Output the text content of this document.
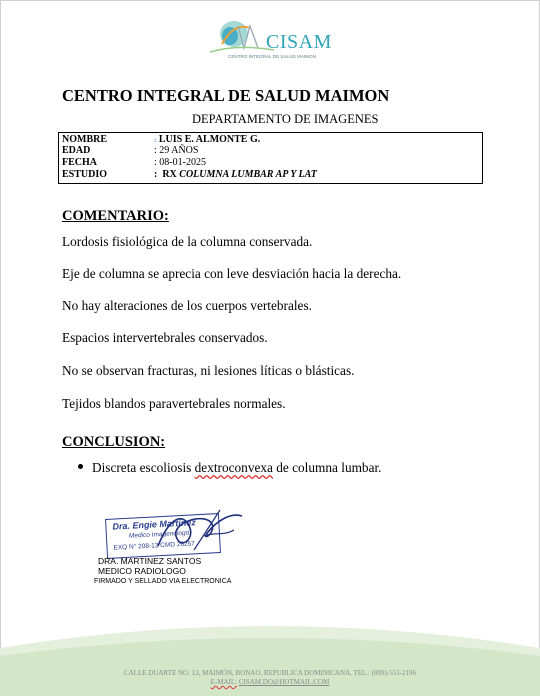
CISAM
CENTRO INTEGRAL DE SALUD MAIMON
CENTRO INTEGRAL DE SALUD MAIMON
DEPARTAMENTO DE IMAGENES
NOMBRE	: LUIS E. ALMONTE G.
EDAD	: 29 AÑOS
FECHA	: 08-01-2025
ESTUDIO	:  RX COLUMNA LUMBAR AP Y LAT
COMENTARIO:
Lordosis fisiológica de la columna conservada.
Eje de columna se aprecia con leve desviación hacia la derecha.
No hay alteraciones de los cuerpos vertebrales.
Espacios intervertebrales conservados.
No se observan fracturas, ni lesiones líticas o blásticas.
Tejidos blandos paravertebrales normales.
CONCLUSION:
Discreta escoliosis dextroconvexa de columna lumbar.
Dra. Engie Martinez
Medico Imagenologo
EXQ N° 208-13 CMD 26257
DRA. MARTINEZ SANTOS
MEDICO RADIOLOGO
FIRMADO Y SELLADO VIA ELECTRONICA
CALLE DUARTE NO. 13, MAIMÓN, BONAO, REPUBLICA DOMINICANA, TEL.: (809)-551-2196
E-MAIL: CISAM.DO@HOTMAIL.COM
